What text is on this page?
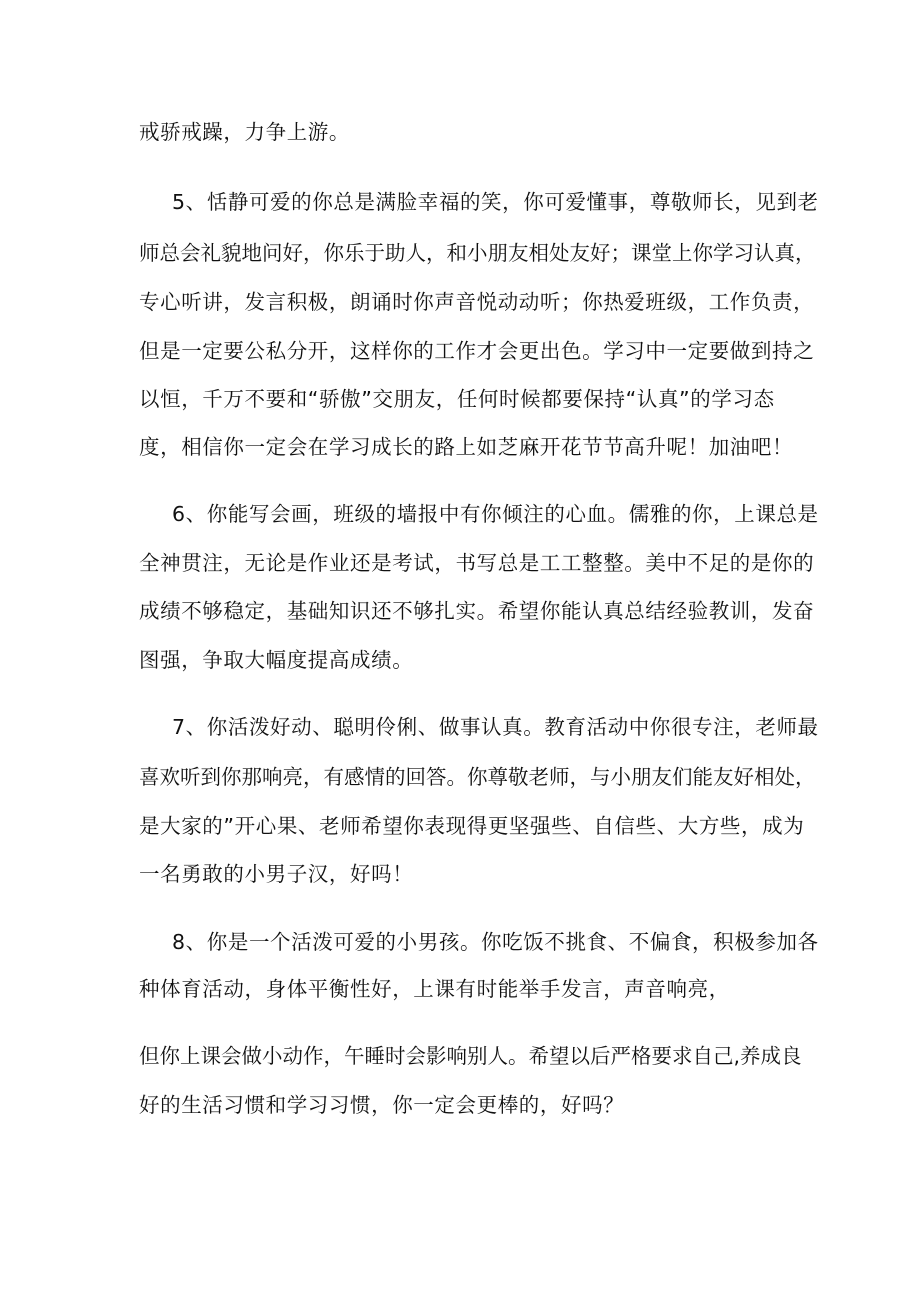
戒骄戒躁，力争上游。
5、恬静可爱的你总是满脸幸福的笑，你可爱懂事，尊敬师长，见到老
师总会礼貌地问好，你乐于助人，和小朋友相处友好；课堂上你学习认真，
专心听讲，发言积极，朗诵时你声音悦动动听；你热爱班级，工作负责，
但是一定要公私分开，这样你的工作才会更出色。学习中一定要做到持之
以恒，千万不要和“骄傲”交朋友，任何时候都要保持“认真”的学习态
度，相信你一定会在学习成长的路上如芝麻开花节节高升呢！加油吧！
6、你能写会画，班级的墙报中有你倾注的心血。儒雅的你，上课总是
全神贯注，无论是作业还是考试，书写总是工工整整。美中不足的是你的
成绩不够稳定，基础知识还不够扎实。希望你能认真总结经验教训，发奋
图强，争取大幅度提高成绩。
7、你活泼好动、聪明伶俐、做事认真。教育活动中你很专注，老师最
喜欢听到你那响亮，有感情的回答。你尊敬老师，与小朋友们能友好相处，
是大家的”开心果、老师希望你表现得更坚强些、自信些、大方些，成为
一名勇敢的小男子汉，好吗！
8、你是一个活泼可爱的小男孩。你吃饭不挑食、不偏食，积极参加各
种体育活动，身体平衡性好，上课有时能举手发言，声音响亮，
但你上课会做小动作，午睡时会影响别人。希望以后严格要求自己,养成良
好的生活习惯和学习习惯，你一定会更棒的，好吗？
